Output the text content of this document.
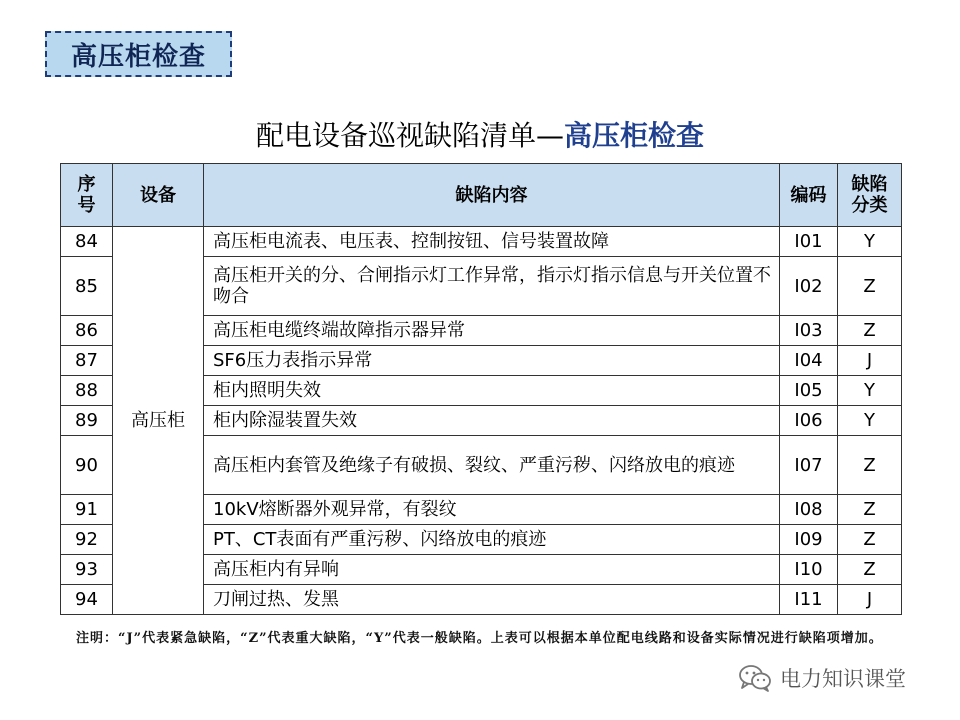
高压柜检查
配电设备巡视缺陷清单—高压柜检查
序
号	设备	缺陷内容	编码	缺陷
分类
84	高压柜	高压柜电流表、电压表、控制按钮、信号装置故障	I01	Y
85		高压柜开关的分、合闸指示灯工作异常，指示灯指示信息与开关位置不吻合	I02	Z
86		高压柜电缆终端故障指示器异常	I03	Z
87		SF6压力表指示异常	I04	J
88		柜内照明失效	I05	Y
89		柜内除湿装置失效	I06	Y
90		高压柜内套管及绝缘子有破损、裂纹、严重污秽、闪络放电的痕迹	I07	Z
91		10kV熔断器外观异常，有裂纹	I08	Z
92		PT、CT表面有严重污秽、闪络放电的痕迹	I09	Z
93		高压柜内有异响	I10	Z
94		刀闸过热、发黑	I11	J
注明：“J”代表紧急缺陷，“Z”代表重大缺陷，“Y”代表一般缺陷。上表可以根据本单位配电线路和设备实际情况进行缺陷项增加。
电力知识课堂
